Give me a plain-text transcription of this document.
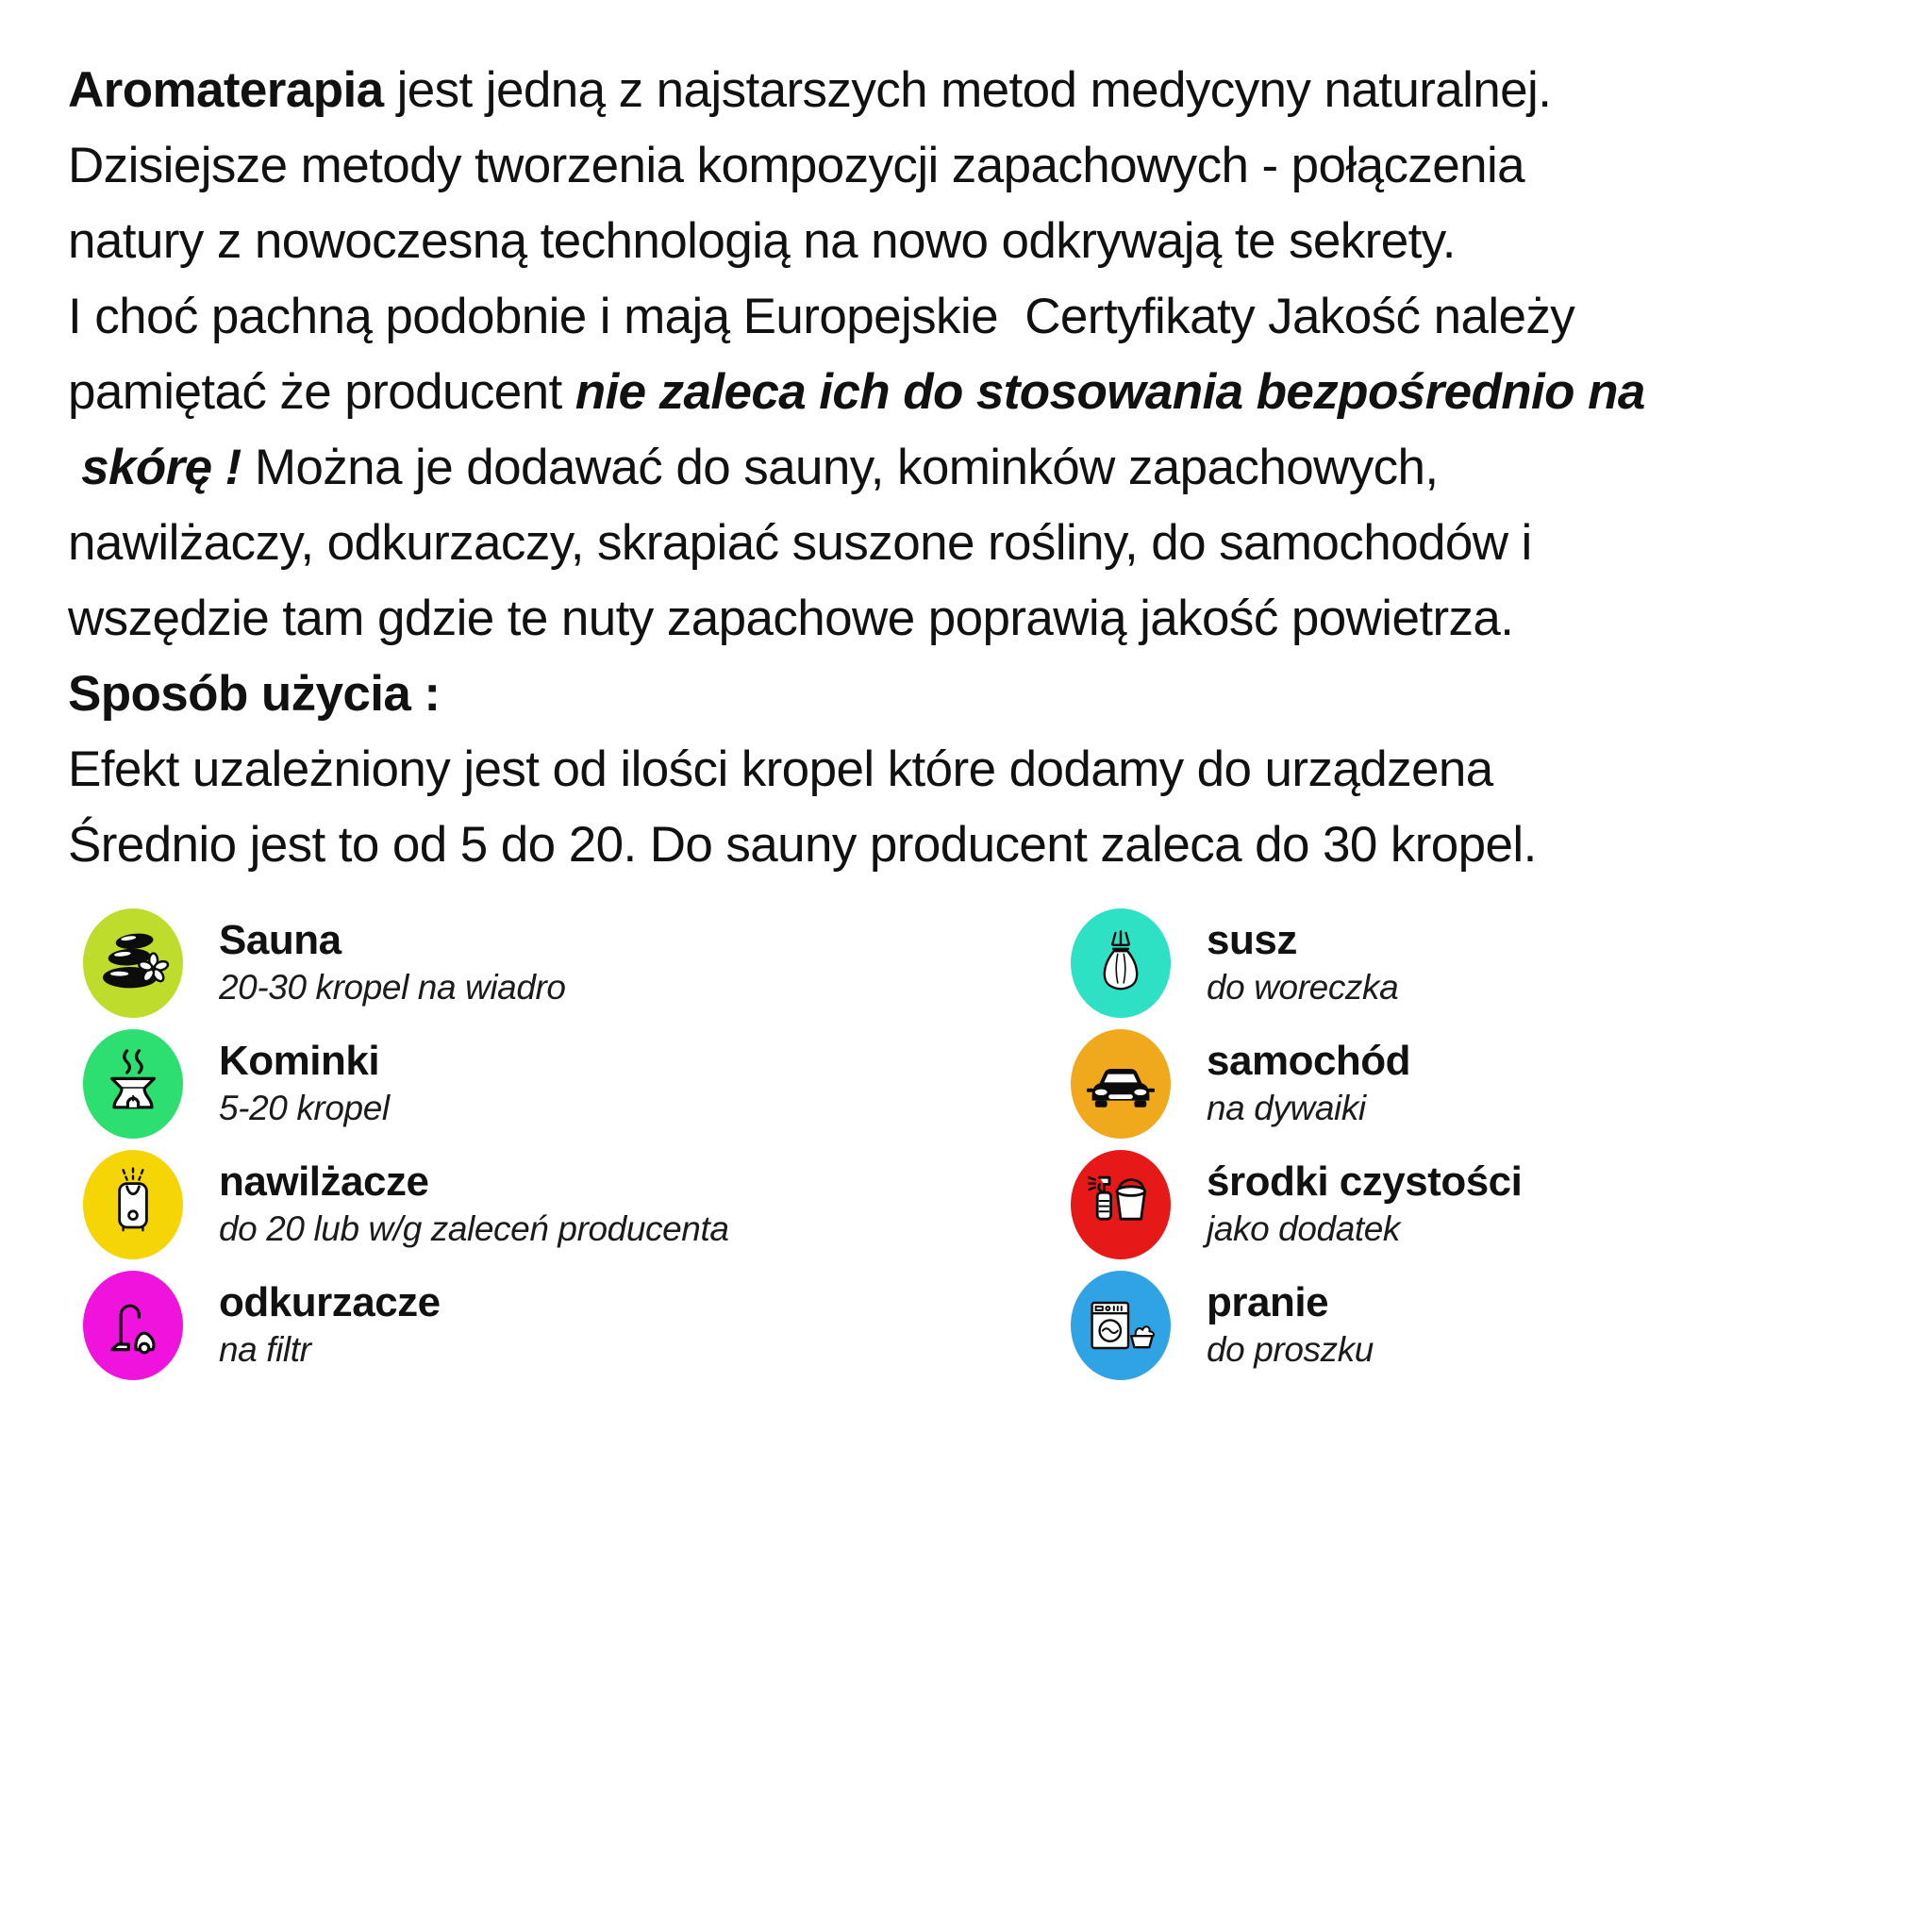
Aromaterapia jest jedną z najstarszych metod medycyny naturalnej.
Dzisiejsze metody tworzenia kompozycji zapachowych - połączenia
natury z nowoczesną technologią na nowo odkrywają te sekrety.
I choć pachną podobnie i mają Europejskie  Certyfikaty Jakość należy
pamiętać że producent nie zaleca ich do stosowania bezpośrednio na
skórę ! Można je dodawać do sauny, kominków zapachowych,
nawilżaczy, odkurzaczy, skrapiać suszone rośliny, do samochodów i
wszędzie tam gdzie te nuty zapachowe poprawią jakość powietrza.
Sposób użycia :
Efekt uzależniony jest od ilości kropel które dodamy do urządzena
Średnio jest to od 5 do 20. Do sauny producent zaleca do 30 kropel.
Sauna
20-30 kropel na wiadro
Kominki
5-20 kropel
nawilżacze
do 20 lub w/g zaleceń producenta
odkurzacze
na filtr
susz
do woreczka
samochód
na dywaiki
środki czystości
jako dodatek
pranie
do proszku
